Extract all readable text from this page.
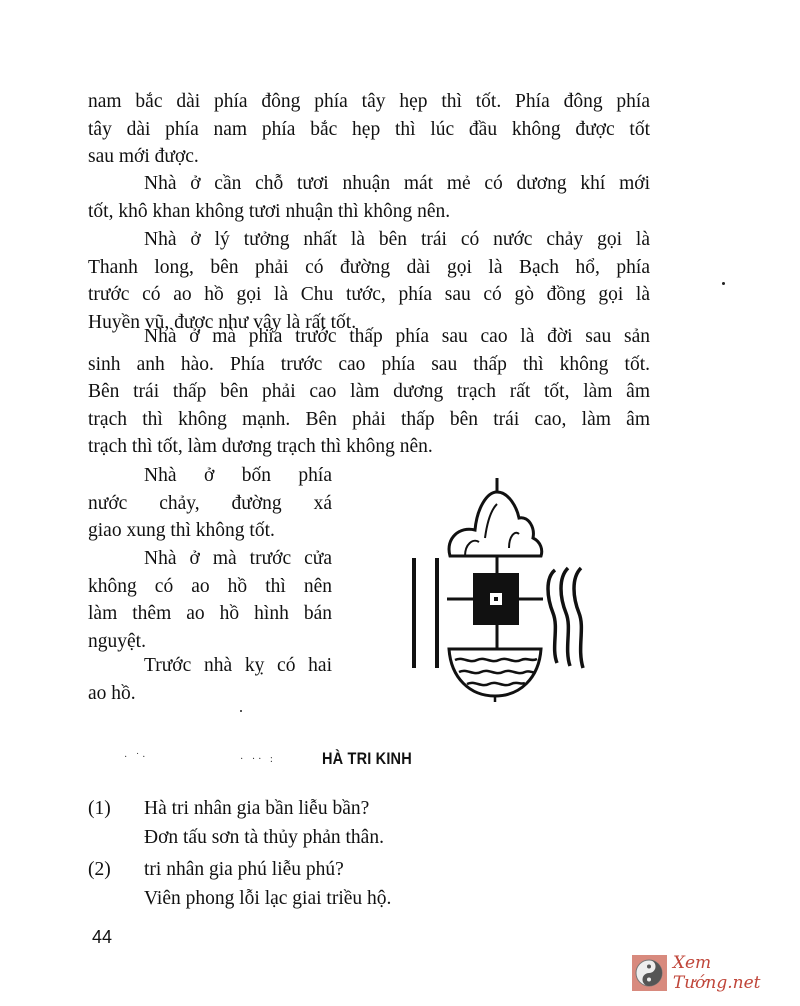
nam bắc dài phía đông phía tây hẹp thì tốt. Phía đông phía
tây dài phía nam phía bắc hẹp thì lúc đầu không được tốt
sau mới được.
Nhà ở cần chỗ tươi nhuận mát mẻ có dương khí mới
tốt, khô khan không tươi nhuận thì không nên.
Nhà ở lý tưởng nhất là bên trái có nước chảy gọi là
Thanh long, bên phải có đường dài gọi là Bạch hổ, phía
trước có ao hồ gọi là Chu tước, phía sau có gò đồng gọi là
Huyền vũ, được như vậy là rất tốt.
Nhà ở mà phía trước thấp phía sau cao là đời sau sản
sinh anh hào. Phía trước cao phía sau thấp thì không tốt.
Bên trái thấp bên phải cao làm dương trạch rất tốt, làm âm
trạch thì không mạnh. Bên phải thấp bên trái cao, làm âm
trạch thì tốt, làm dương trạch thì không nên.
Nhà ở bốn phía
nước chảy, đường xá
giao xung thì không tốt.
Nhà ở mà trước cửa
không có ao hồ thì nên
làm thêm ao hồ hình bán
nguyệt.
Trước nhà kỵ có hai
ao hồ.
· ˙·	· ·· :	HÀ TRI KINH
(1) Hà tri nhân gia bần liễu bần?
Đơn tấu sơn tà thủy phản thân.
(2) tri nhân gia phú liễu phú?
Viên phong lỗi lạc giai triều hộ.
44
Xem Tướng.net
